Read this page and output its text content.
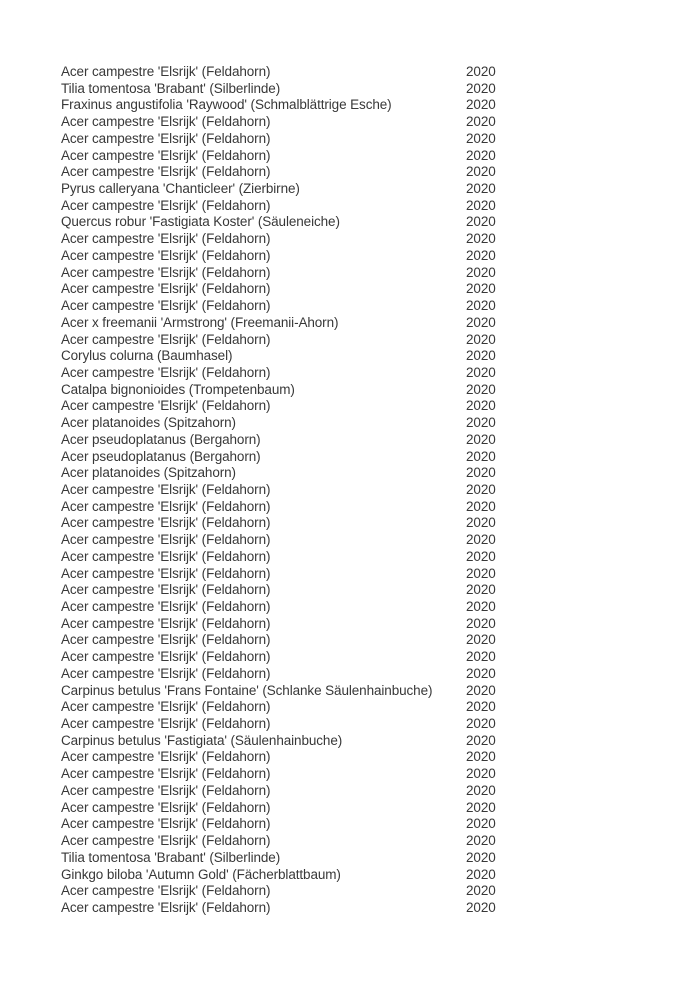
Acer campestre 'Elsrijk' (Feldahorn)	2020
Tilia tomentosa 'Brabant' (Silberlinde)	2020
Fraxinus angustifolia 'Raywood' (Schmalblättrige Esche)	2020
Acer campestre 'Elsrijk' (Feldahorn)	2020
Acer campestre 'Elsrijk' (Feldahorn)	2020
Acer campestre 'Elsrijk' (Feldahorn)	2020
Acer campestre 'Elsrijk' (Feldahorn)	2020
Pyrus calleryana 'Chanticleer' (Zierbirne)	2020
Acer campestre 'Elsrijk' (Feldahorn)	2020
Quercus robur 'Fastigiata Koster' (Säuleneiche)	2020
Acer campestre 'Elsrijk' (Feldahorn)	2020
Acer campestre 'Elsrijk' (Feldahorn)	2020
Acer campestre 'Elsrijk' (Feldahorn)	2020
Acer campestre 'Elsrijk' (Feldahorn)	2020
Acer campestre 'Elsrijk' (Feldahorn)	2020
Acer x freemanii 'Armstrong' (Freemanii-Ahorn)	2020
Acer campestre 'Elsrijk' (Feldahorn)	2020
Corylus colurna (Baumhasel)	2020
Acer campestre 'Elsrijk' (Feldahorn)	2020
Catalpa bignonioides (Trompetenbaum)	2020
Acer campestre 'Elsrijk' (Feldahorn)	2020
Acer platanoides (Spitzahorn)	2020
Acer pseudoplatanus (Bergahorn)	2020
Acer pseudoplatanus (Bergahorn)	2020
Acer platanoides (Spitzahorn)	2020
Acer campestre 'Elsrijk' (Feldahorn)	2020
Acer campestre 'Elsrijk' (Feldahorn)	2020
Acer campestre 'Elsrijk' (Feldahorn)	2020
Acer campestre 'Elsrijk' (Feldahorn)	2020
Acer campestre 'Elsrijk' (Feldahorn)	2020
Acer campestre 'Elsrijk' (Feldahorn)	2020
Acer campestre 'Elsrijk' (Feldahorn)	2020
Acer campestre 'Elsrijk' (Feldahorn)	2020
Acer campestre 'Elsrijk' (Feldahorn)	2020
Acer campestre 'Elsrijk' (Feldahorn)	2020
Acer campestre 'Elsrijk' (Feldahorn)	2020
Acer campestre 'Elsrijk' (Feldahorn)	2020
Carpinus betulus 'Frans Fontaine' (Schlanke Säulenhainbuche)	2020
Acer campestre 'Elsrijk' (Feldahorn)	2020
Acer campestre 'Elsrijk' (Feldahorn)	2020
Carpinus betulus 'Fastigiata' (Säulenhainbuche)	2020
Acer campestre 'Elsrijk' (Feldahorn)	2020
Acer campestre 'Elsrijk' (Feldahorn)	2020
Acer campestre 'Elsrijk' (Feldahorn)	2020
Acer campestre 'Elsrijk' (Feldahorn)	2020
Acer campestre 'Elsrijk' (Feldahorn)	2020
Acer campestre 'Elsrijk' (Feldahorn)	2020
Tilia tomentosa 'Brabant' (Silberlinde)	2020
Ginkgo biloba 'Autumn Gold' (Fächerblattbaum)	2020
Acer campestre 'Elsrijk' (Feldahorn)	2020
Acer campestre 'Elsrijk' (Feldahorn)	2020
